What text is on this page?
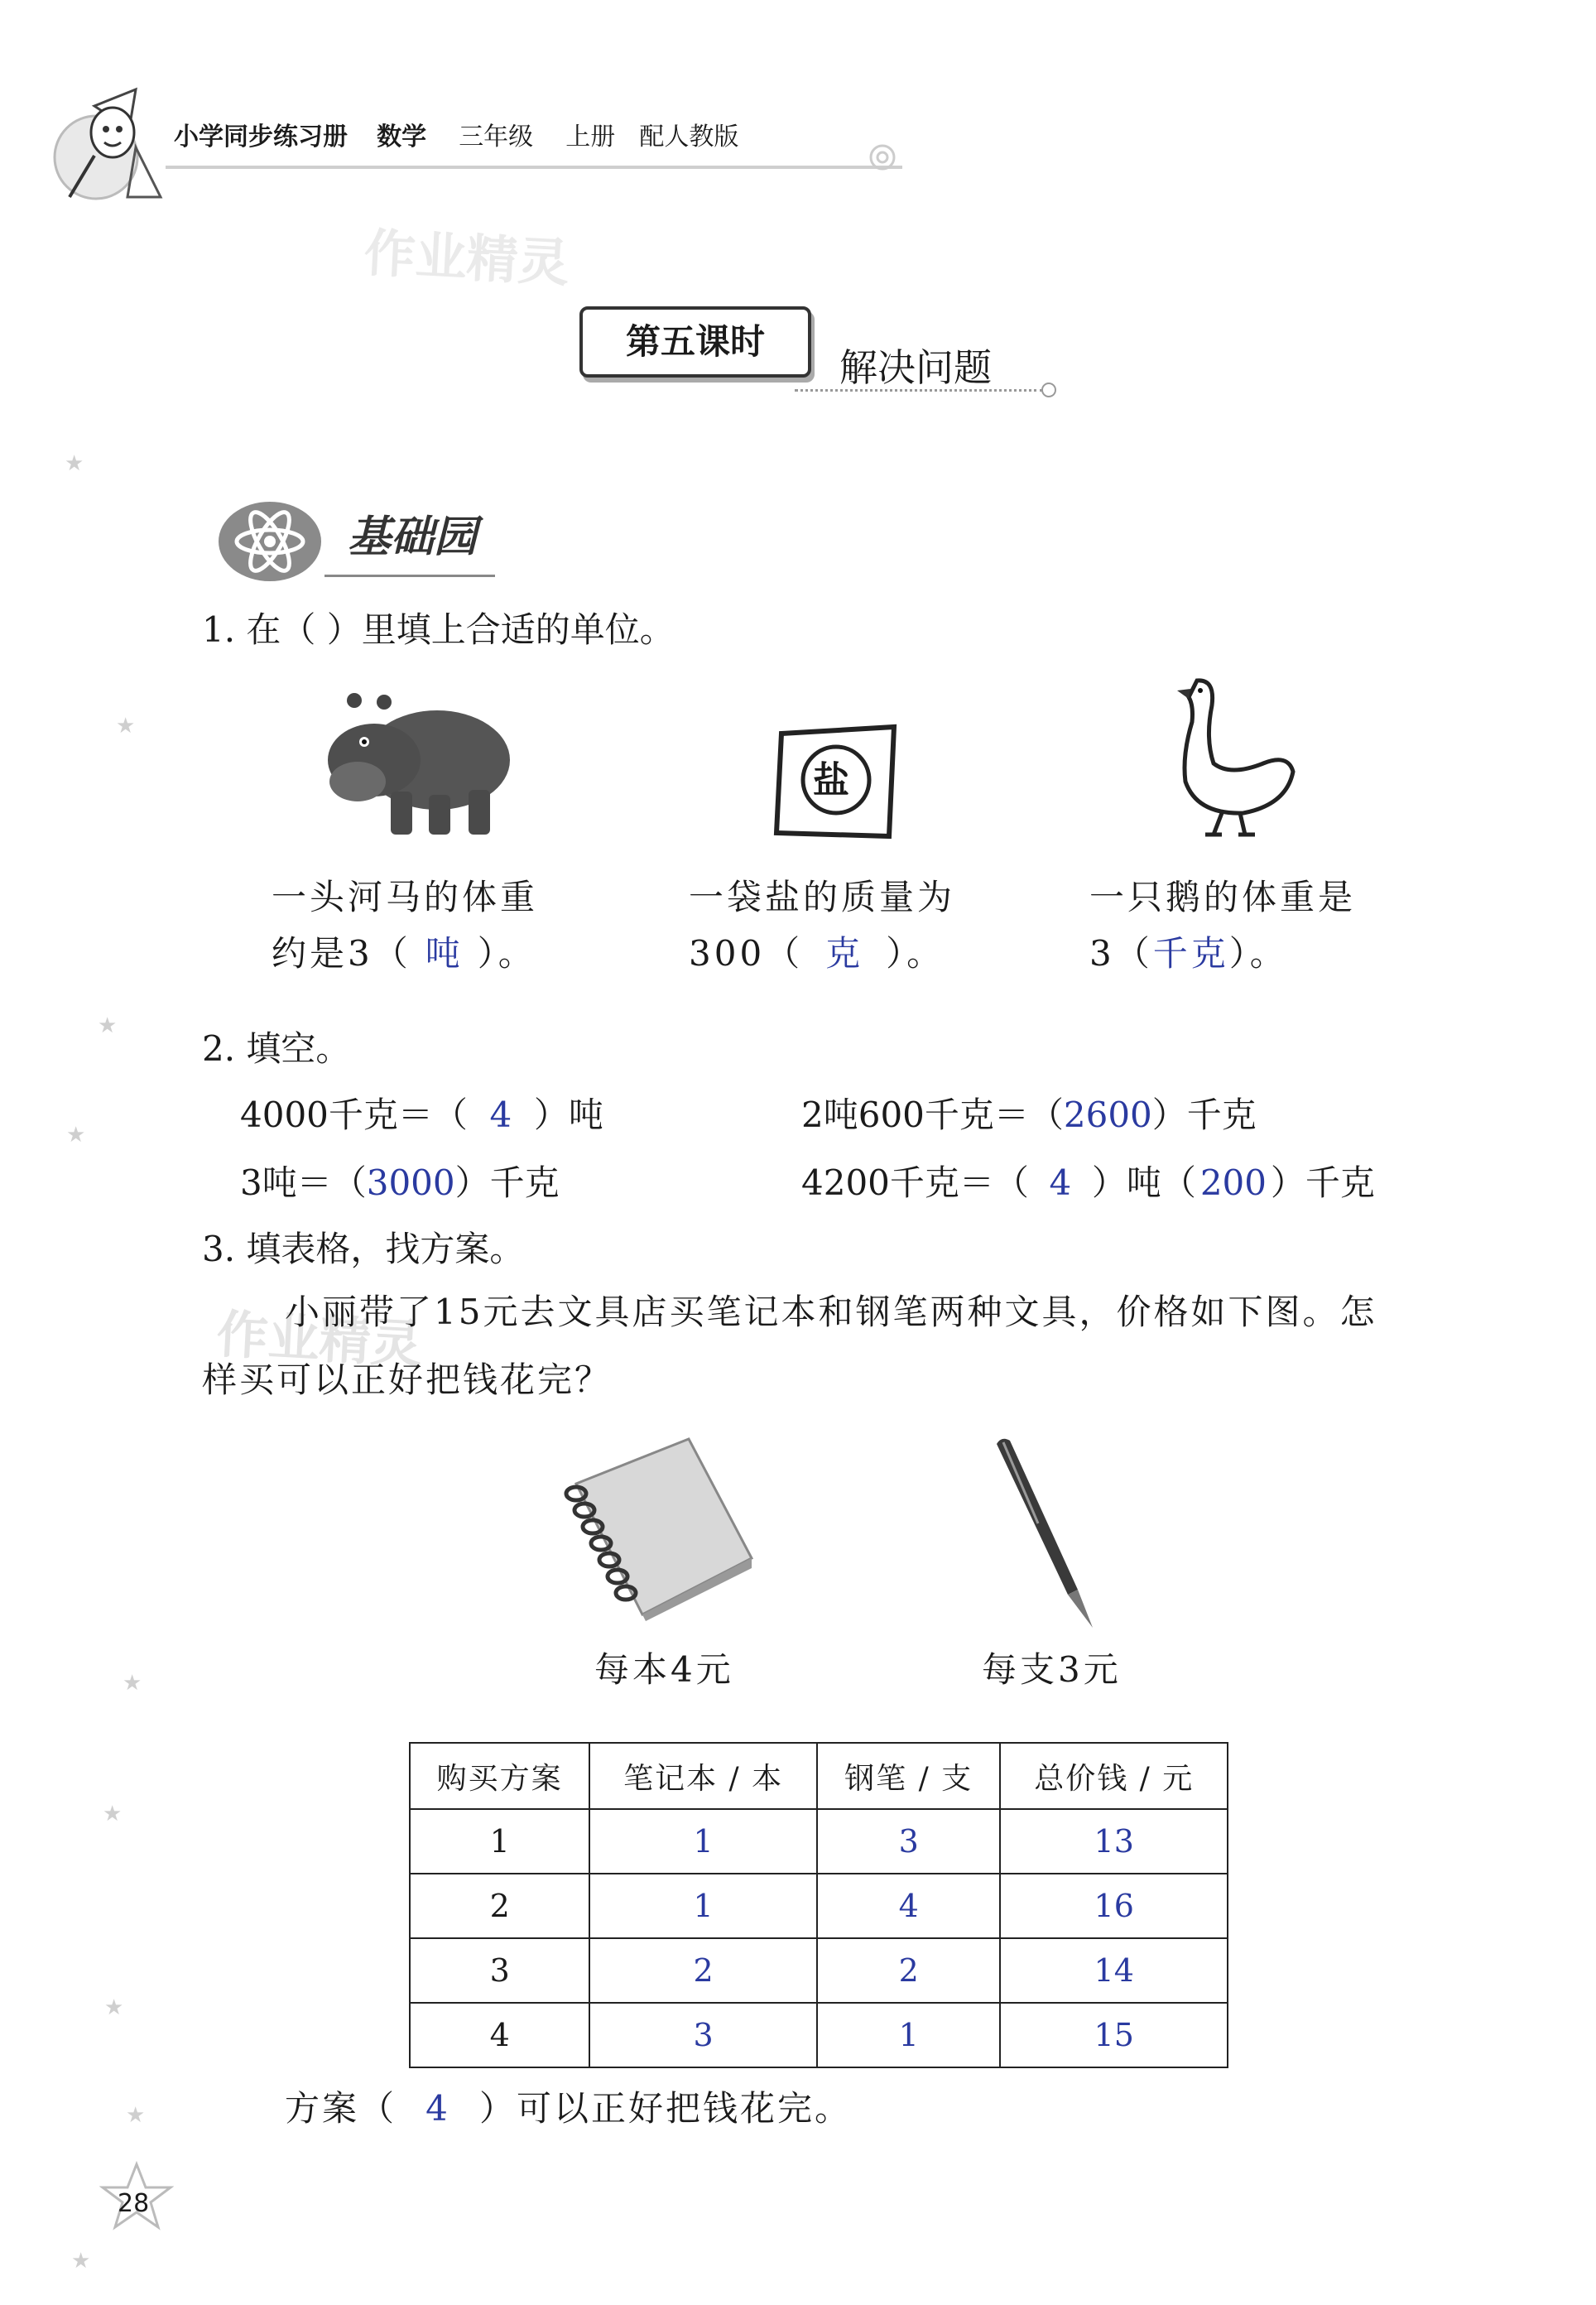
小学同步练习册 数学 三年级 上册 配人教版
★
★
★
★
★
★
★
★
★
作业精灵
作业精灵
第五课时
解决问题
基础园
1. 在（ ）里填上合适的单位。
盐
一头河马的体重
约是3（ 吨 ）。
一袋盐的质量为
300（ 克 ）。
一只鹅的体重是
3（千克）。
2. 填空。
4000千克＝（ 4 ）吨	2吨600千克＝（2600）千克
3吨＝（3000）千克	4200千克＝（ 4 ）吨（ 200 ）千克
3. 填表格，找方案。
小丽带了15元去文具店买笔记本和钢笔两种文具，价格如下图。怎
样买可以正好把钱花完？
每本4元	每支3元
购买方案	笔记本 / 本	钢笔 / 支	总价钱 / 元
1	1	3	13
2	1	4	16
3	2	2	14
4	3	1	15
方案（ 4 ）可以正好把钱花完。
28
